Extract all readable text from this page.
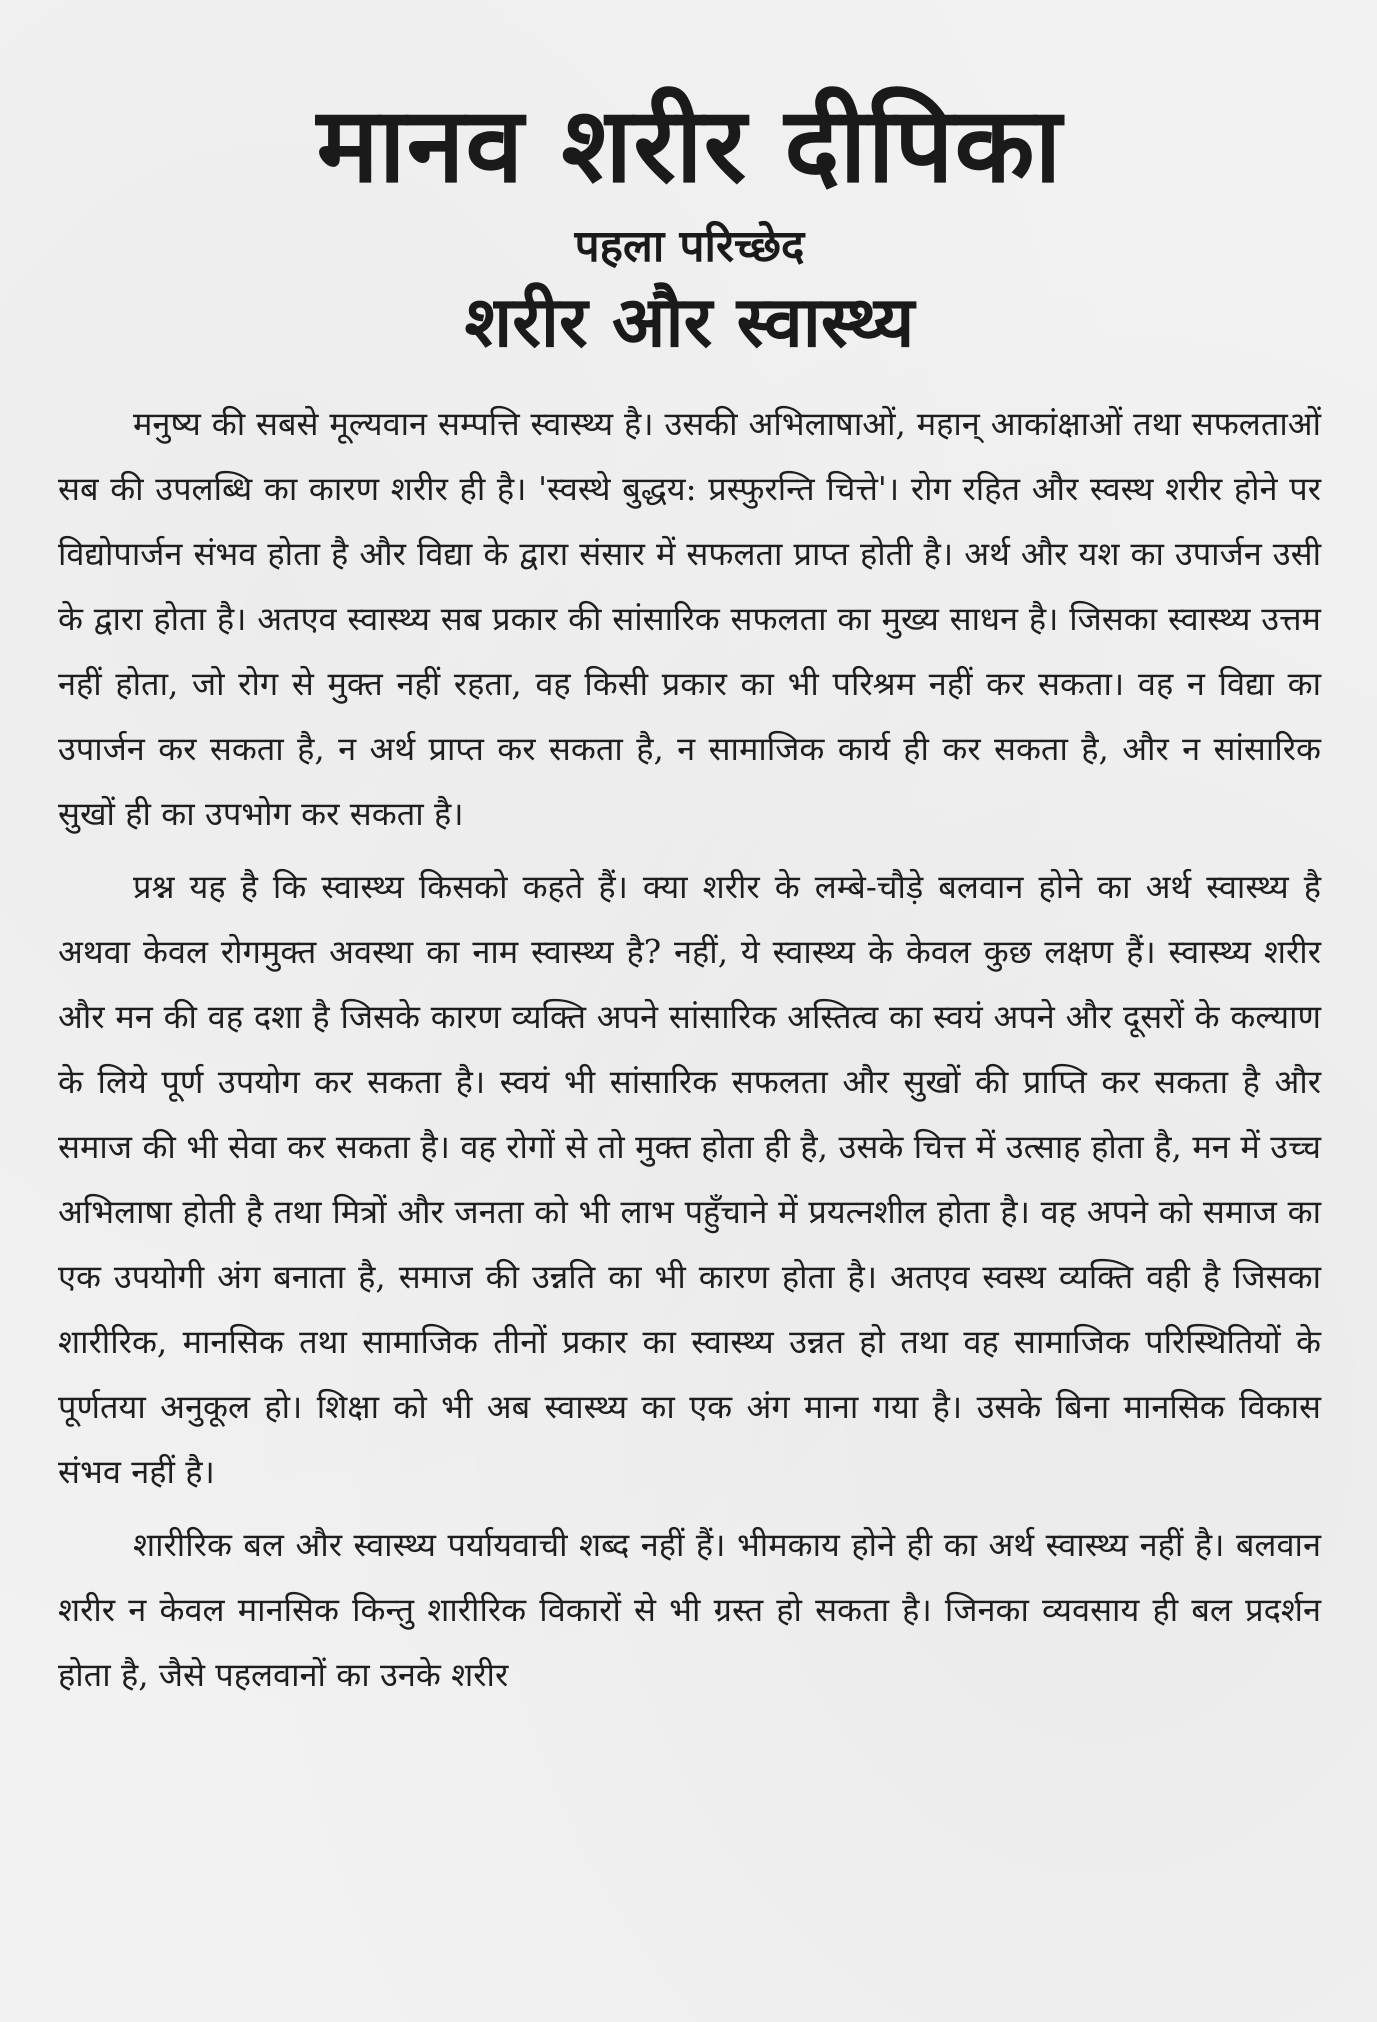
मानव शरीर दीपिका
पहला परिच्छेद
शरीर और स्वास्थ्य

मनुष्य की सबसे मूल्यवान सम्पत्ति स्वास्थ्य है। उसकी अभिलाषाओं, महान् आकांक्षाओं तथा सफलताओं सब की उपलब्धि का कारण शरीर ही है। 'स्वस्थे बुद्धय: प्रस्फुरन्ति चित्ते'। रोग रहित और स्वस्थ शरीर होने पर विद्योपार्जन संभव होता है और विद्या के द्वारा संसार में सफलता प्राप्त होती है। अर्थ और यश का उपार्जन उसी के द्वारा होता है। अतएव स्वास्थ्य सब प्रकार की सांसारिक सफलता का मुख्य साधन है। जिसका स्वास्थ्य उत्तम नहीं होता, जो रोग से मुक्त नहीं रहता, वह किसी प्रकार का भी परिश्रम नहीं कर सकता। वह न विद्या का उपार्जन कर सकता है, न अर्थ प्राप्त कर सकता है, न सामाजिक कार्य ही कर सकता है, और न सांसारिक सुखों ही का उपभोग कर सकता है।

प्रश्न यह है कि स्वास्थ्य किसको कहते हैं। क्या शरीर के लम्बे-चौड़े बलवान होने का अर्थ स्वास्थ्य है अथवा केवल रोगमुक्त अवस्था का नाम स्वास्थ्य है? नहीं, ये स्वास्थ्य के केवल कुछ लक्षण हैं। स्वास्थ्य शरीर और मन की वह दशा है जिसके कारण व्यक्ति अपने सांसारिक अस्तित्व का स्वयं अपने और दूसरों के कल्याण के लिये पूर्ण उपयोग कर सकता है। स्वयं भी सांसारिक सफलता और सुखों की प्राप्ति कर सकता है और समाज की भी सेवा कर सकता है। वह रोगों से तो मुक्त होता ही है, उसके चित्त में उत्साह होता है, मन में उच्च अभिलाषा होती है तथा मित्रों और जनता को भी लाभ पहुँचाने में प्रयत्नशील होता है। वह अपने को समाज का एक उपयोगी अंग बनाता है, समाज की उन्नति का भी कारण होता है। अतएव स्वस्थ व्यक्ति वही है जिसका शारीरिक, मानसिक तथा सामाजिक तीनों प्रकार का स्वास्थ्य उन्नत हो तथा वह सामाजिक परिस्थितियों के पूर्णतया अनुकूल हो। शिक्षा को भी अब स्वास्थ्य का एक अंग माना गया है। उसके बिना मानसिक विकास संभव नहीं है।

शारीरिक बल और स्वास्थ्य पर्यायवाची शब्द नहीं हैं। भीमकाय होने ही का अर्थ स्वास्थ्य नहीं है। बलवान शरीर न केवल मानसिक किन्तु शारीरिक विकारों से भी ग्रस्त हो सकता है। जिनका व्यवसाय ही बल प्रदर्शन होता है, जैसे पहलवानों का उनके शरीर
